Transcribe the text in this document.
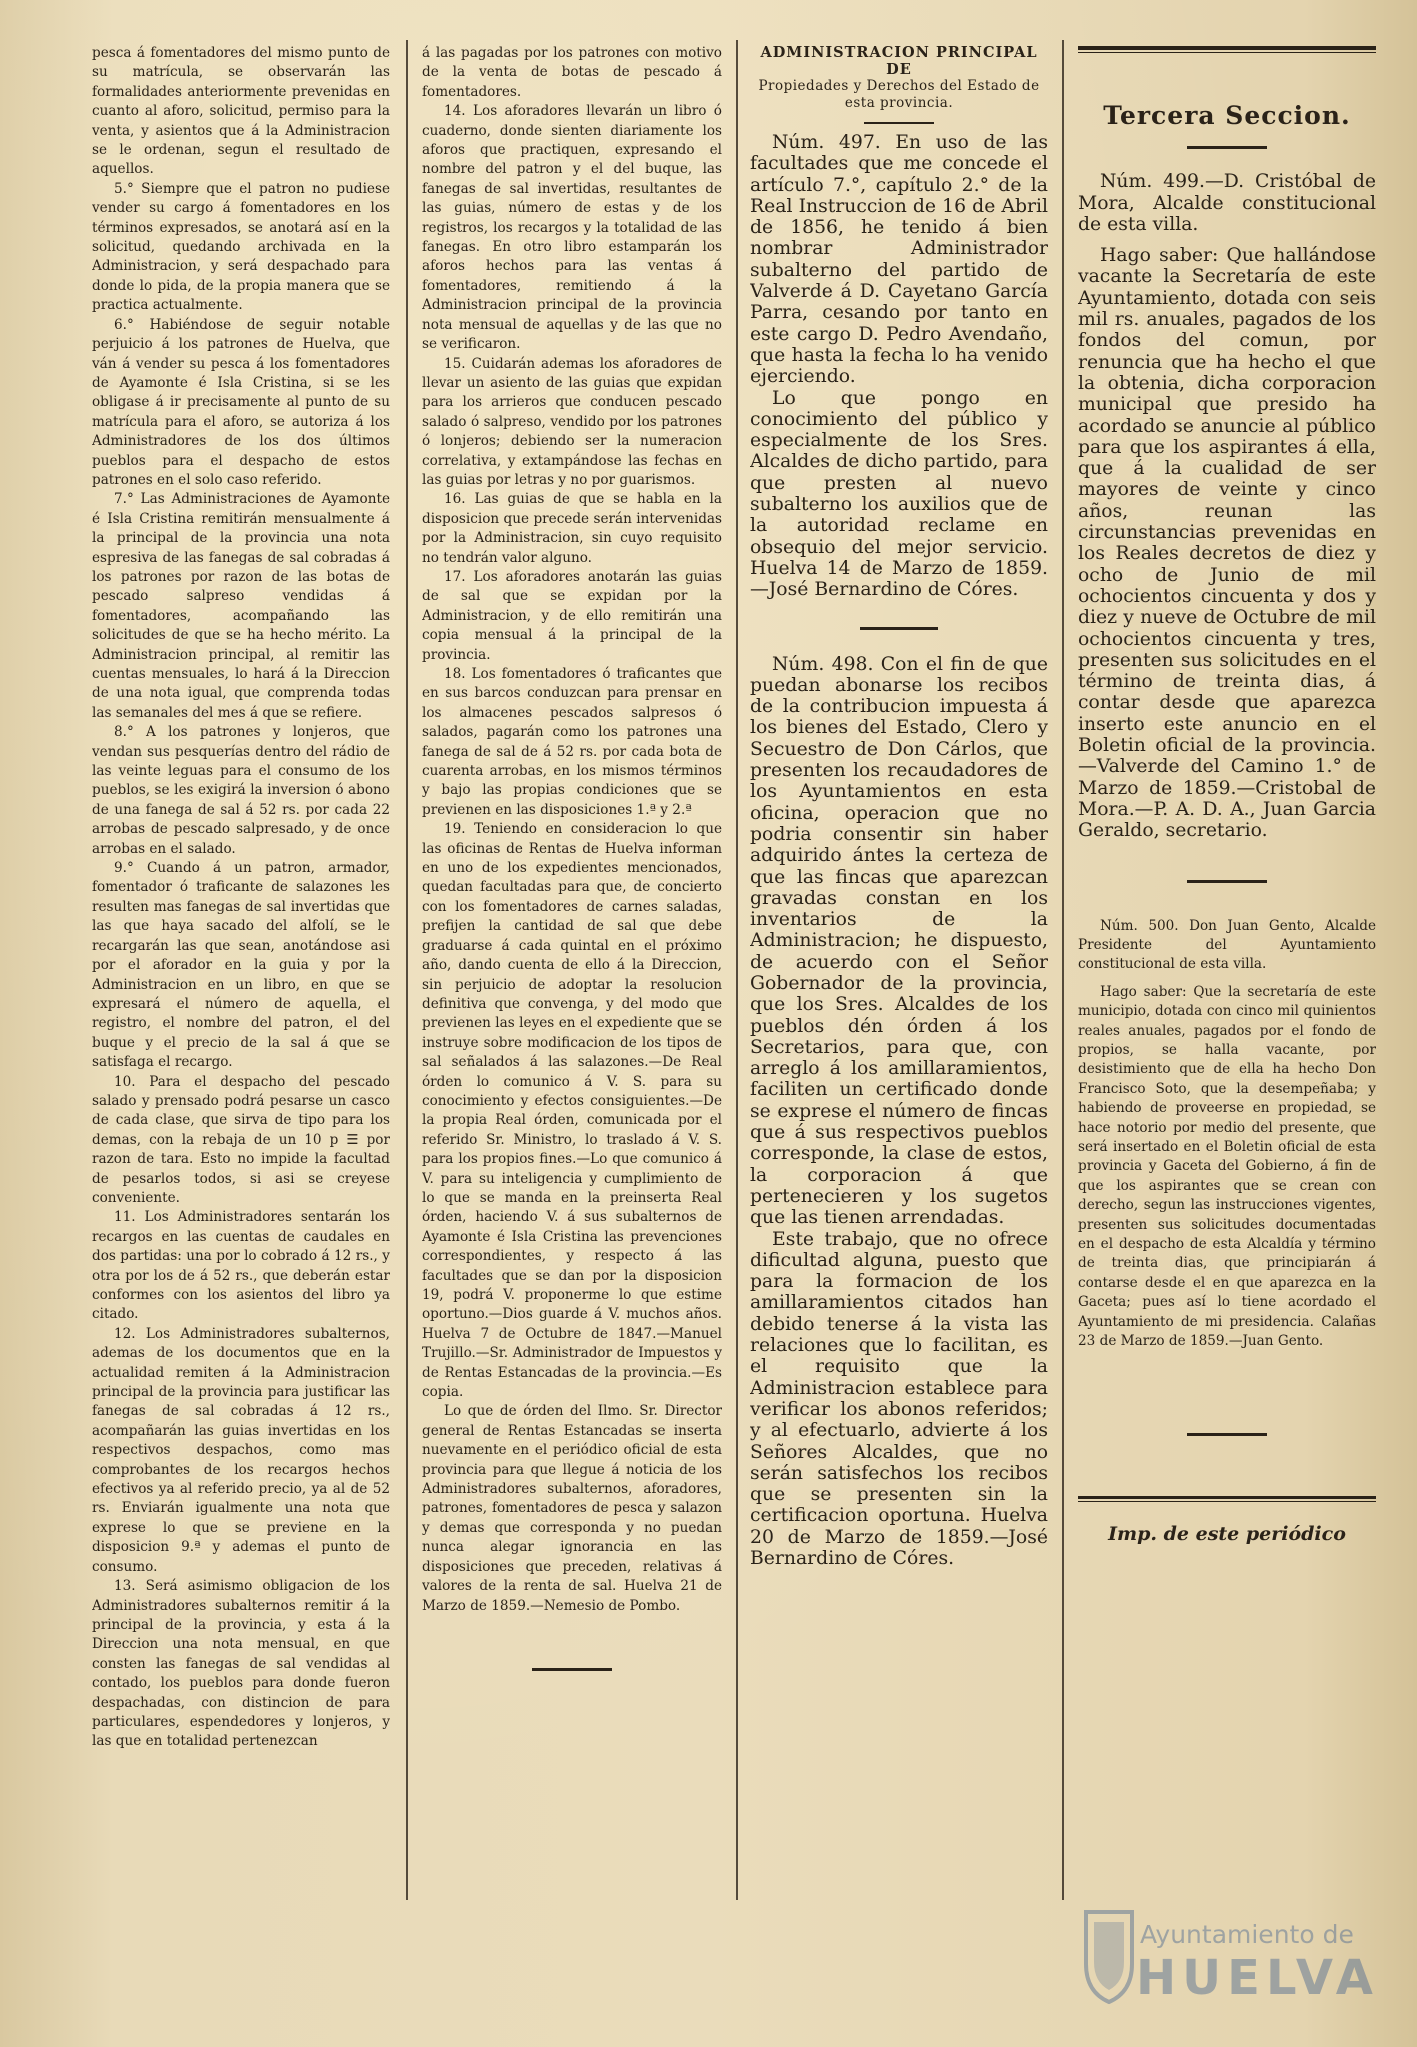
pesca á fomentadores del mismo punto de su matrícula, se observarán las formalidades anteriormente prevenidas en cuanto al aforo, solicitud, permiso para la venta, y asientos que á la Administracion se le ordenan, segun el resultado de aquellos.

5.° Siempre que el patron no pudiese vender su cargo á fomentadores en los términos expresados, se anotará así en la solicitud, quedando archivada en la Administracion, y será despachado para donde lo pida, de la propia manera que se practica actualmente.

6.° Habiéndose de seguir notable perjuicio á los patrones de Huelva, que ván á vender su pesca á los fomentadores de Ayamonte é Isla Cristina, si se les obligase á ir precisamente al punto de su matrícula para el aforo, se autoriza á los Administradores de los dos últimos pueblos para el despacho de estos patrones en el solo caso referido.

7.° Las Administraciones de Ayamonte é Isla Cristina remitirán mensualmente á la principal de la provincia una nota espresiva de las fanegas de sal cobradas á los patrones por razon de las botas de pescado salpreso vendidas á fomentadores, acompañando las solicitudes de que se ha hecho mérito. La Administracion principal, al remitir las cuentas mensuales, lo hará á la Direccion de una nota igual, que comprenda todas las semanales del mes á que se refiere.

8.° A los patrones y lonjeros, que vendan sus pesquerías dentro del rádio de las veinte leguas para el consumo de los pueblos, se les exigirá la inversion ó abono de una fanega de sal á 52 rs. por cada 22 arrobas de pescado salpresado, y de once arrobas en el salado.

9.° Cuando á un patron, armador, fomentador ó traficante de salazones les resulten mas fanegas de sal invertidas que las que haya sacado del alfolí, se le recargarán las que sean, anotándose asi por el aforador en la guia y por la Administracion en un libro, en que se expresará el número de aquella, el registro, el nombre del patron, el del buque y el precio de la sal á que se satisfaga el recargo.

10. Para el despacho del pescado salado y prensado podrá pesarse un casco de cada clase, que sirva de tipo para los demas, con la rebaja de un 10 p ☰ por razon de tara. Esto no impide la facultad de pesarlos todos, si asi se creyese conveniente.

11. Los Administradores sentarán los recargos en las cuentas de caudales en dos partidas: una por lo cobrado á 12 rs., y otra por los de á 52 rs., que deberán estar conformes con los asientos del libro ya citado.

12. Los Administradores subalternos, ademas de los documentos que en la actualidad remiten á la Administracion principal de la provincia para justificar las fanegas de sal cobradas á 12 rs., acompañarán las guias invertidas en los respectivos despachos, como mas comprobantes de los recargos hechos efectivos ya al referido precio, ya al de 52 rs. Enviarán igualmente una nota que exprese lo que se previene en la disposicion 9.ª y ademas el punto de consumo.

13. Será asimismo obligacion de los Administradores subalternos remitir á la principal de la provincia, y esta á la Direccion una nota mensual, en que consten las fanegas de sal vendidas al contado, los pueblos para donde fueron despachadas, con distincion de para particulares, espendedores y lonjeros, y las que en totalidad pertenezcan

á las pagadas por los patrones con motivo de la venta de botas de pescado á fomentadores.

14. Los aforadores llevarán un libro ó cuaderno, donde sienten diariamente los aforos que practiquen, expresando el nombre del patron y el del buque, las fanegas de sal invertidas, resultantes de las guias, número de estas y de los registros, los recargos y la totalidad de las fanegas. En otro libro estamparán los aforos hechos para las ventas á fomentadores, remitiendo á la Administracion principal de la provincia nota mensual de aquellas y de las que no se verificaron.

15. Cuidarán ademas los aforadores de llevar un asiento de las guias que expidan para los arrieros que conducen pescado salado ó salpreso, vendido por los patrones ó lonjeros; debiendo ser la numeracion correlativa, y extampándose las fechas en las guias por letras y no por guarismos.

16. Las guias de que se habla en la disposicion que precede serán intervenidas por la Administracion, sin cuyo requisito no tendrán valor alguno.

17. Los aforadores anotarán las guias de sal que se expidan por la Administracion, y de ello remitirán una copia mensual á la principal de la provincia.

18. Los fomentadores ó traficantes que en sus barcos conduzcan para prensar en los almacenes pescados salpresos ó salados, pagarán como los patrones una fanega de sal de á 52 rs. por cada bota de cuarenta arrobas, en los mismos términos y bajo las propias condiciones que se previenen en las disposiciones 1.ª y 2.ª

19. Teniendo en consideracion lo que las oficinas de Rentas de Huelva informan en uno de los expedientes mencionados, quedan facultadas para que, de concierto con los fomentadores de carnes saladas, prefijen la cantidad de sal que debe graduarse á cada quintal en el próximo año, dando cuenta de ello á la Direccion, sin perjuicio de adoptar la resolucion definitiva que convenga, y del modo que previenen las leyes en el expediente que se instruye sobre modificacion de los tipos de sal señalados á las salazones.—De Real órden lo comunico á V. S. para su conocimiento y efectos consiguientes.—De la propia Real órden, comunicada por el referido Sr. Ministro, lo traslado á V. S. para los propios fines.—Lo que comunico á V. para su inteligencia y cumplimiento de lo que se manda en la preinserta Real órden, haciendo V. á sus subalternos de Ayamonte é Isla Cristina las prevenciones correspondientes, y respecto á las facultades que se dan por la disposicion 19, podrá V. proponerme lo que estime oportuno.—Dios guarde á V. muchos años. Huelva 7 de Octubre de 1847.—Manuel Trujillo.—Sr. Administrador de Impuestos y de Rentas Estancadas de la provincia.—Es copia.

Lo que de órden del Ilmo. Sr. Director general de Rentas Estancadas se inserta nuevamente en el periódico oficial de esta provincia para que llegue á noticia de los Administradores subalternos, aforadores, patrones, fomentadores de pesca y salazon y demas que corresponda y no puedan nunca alegar ignorancia en las disposiciones que preceden, relativas á valores de la renta de sal. Huelva 21 de Marzo de 1859.—Nemesio de Pombo.

ADMINISTRACION PRINCIPAL DE
Propiedades y Derechos del Estado de esta provincia.

Núm. 497. En uso de las facultades que me concede el artículo 7.°, capítulo 2.° de la Real Instruccion de 16 de Abril de 1856, he tenido á bien nombrar Administrador subalterno del partido de Valverde á D. Cayetano García Parra, cesando por tanto en este cargo D. Pedro Avendaño, que hasta la fecha lo ha venido ejerciendo.

Lo que pongo en conocimiento del público y especialmente de los Sres. Alcaldes de dicho partido, para que presten al nuevo subalterno los auxilios que de la autoridad reclame en obsequio del mejor servicio. Huelva 14 de Marzo de 1859.—José Bernardino de Córes.

Núm. 498. Con el fin de que puedan abonarse los recibos de la contribucion impuesta á los bienes del Estado, Clero y Secuestro de Don Cárlos, que presenten los recaudadores de los Ayuntamientos en esta oficina, operacion que no podria consentir sin haber adquirido ántes la certeza de que las fincas que aparezcan gravadas constan en los inventarios de la Administracion; he dispuesto, de acuerdo con el Señor Gobernador de la provincia, que los Sres. Alcaldes de los pueblos dén órden á los Secretarios, para que, con arreglo á los amillaramientos, faciliten un certificado donde se exprese el número de fincas que á sus respectivos pueblos corresponde, la clase de estos, la corporacion á que pertenecieren y los sugetos que las tienen arrendadas.

Este trabajo, que no ofrece dificultad alguna, puesto que para la formacion de los amillaramientos citados han debido tenerse á la vista las relaciones que lo facilitan, es el requisito que la Administracion establece para verificar los abonos referidos; y al efectuarlo, advierte á los Señores Alcaldes, que no serán satisfechos los recibos que se presenten sin la certificacion oportuna. Huelva 20 de Marzo de 1859.—José Bernardino de Córes.

Tercera Seccion.

Núm. 499.—D. Cristóbal de Mora, Alcalde constitucional de esta villa.

Hago saber: Que hallándose vacante la Secretaría de este Ayuntamiento, dotada con seis mil rs. anuales, pagados de los fondos del comun, por renuncia que ha hecho el que la obtenia, dicha corporacion municipal que presido ha acordado se anuncie al público para que los aspirantes á ella, que á la cualidad de ser mayores de veinte y cinco años, reunan las circunstancias prevenidas en los Reales decretos de diez y ocho de Junio de mil ochocientos cincuenta y dos y diez y nueve de Octubre de mil ochocientos cincuenta y tres, presenten sus solicitudes en el término de treinta dias, á contar desde que aparezca inserto este anuncio en el Boletin oficial de la provincia.—Valverde del Camino 1.° de Marzo de 1859.—Cristobal de Mora.—P. A. D. A., Juan Garcia Geraldo, secretario.

Núm. 500. Don Juan Gento, Alcalde Presidente del Ayuntamiento constitucional de esta villa.

Hago saber: Que la secretaría de este municipio, dotada con cinco mil quinientos reales anuales, pagados por el fondo de propios, se halla vacante, por desistimiento que de ella ha hecho Don Francisco Soto, que la desempeñaba; y habiendo de proveerse en propiedad, se hace notorio por medio del presente, que será insertado en el Boletin oficial de esta provincia y Gaceta del Gobierno, á fin de que los aspirantes que se crean con derecho, segun las instrucciones vigentes, presenten sus solicitudes documentadas en el despacho de esta Alcaldía y término de treinta dias, que principiarán á contarse desde el en que aparezca en la Gaceta; pues así lo tiene acordado el Ayuntamiento de mi presidencia. Calañas 23 de Marzo de 1859.—Juan Gento.

Imp. de este periódico
Ayuntamiento de
HUELVA
